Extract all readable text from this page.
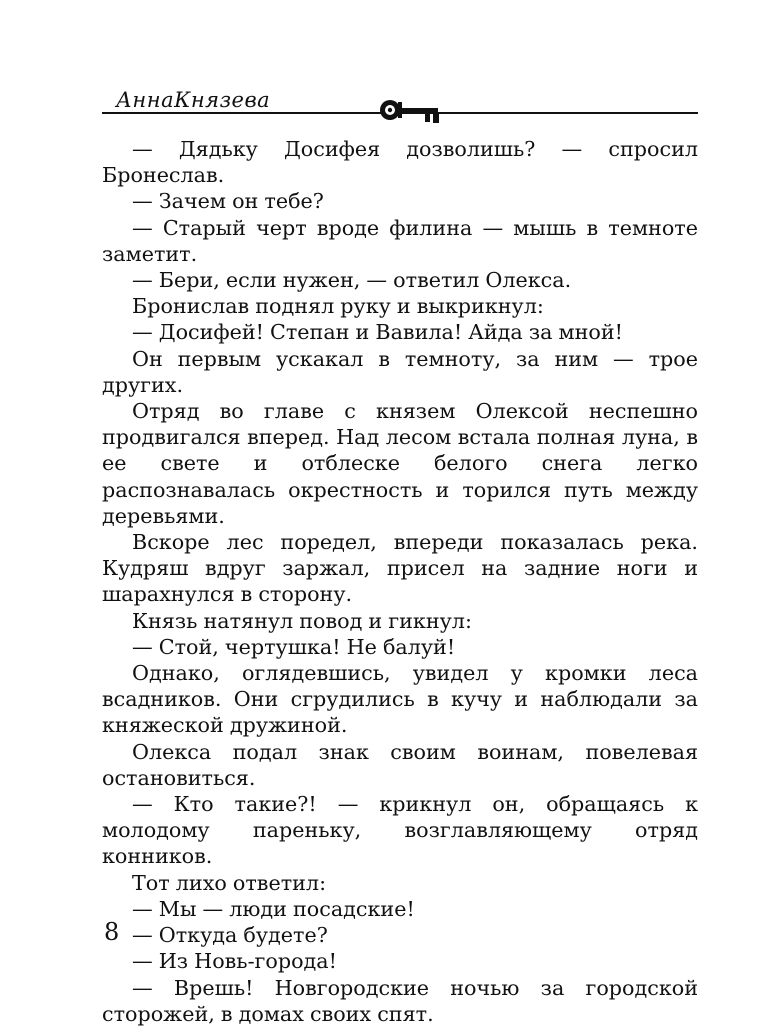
АннаКнязева

— Дядьку Досифея дозволишь? — спросил Бронеслав.

— Зачем он тебе?

— Старый черт вроде филина — мышь в темноте заметит.

— Бери, если нужен, — ответил Олекса.

Бронислав поднял руку и выкрикнул:

— Досифей! Степан и Вавила! Айда за мной!

Он первым ускакал в темноту, за ним — трое других.

Отряд во главе с князем Олексой неспешно продвигался вперед. Над лесом встала полная луна, в ее свете и отблеске белого снега легко распознавалась окрестность и торился путь между деревьями.

Вскоре лес поредел, впереди показалась река. Кудряш вдруг заржал, присел на задние ноги и шарахнулся в сторону.

Князь натянул повод и гикнул:

— Стой, чертушка! Не балуй!

Однако, оглядевшись, увидел у кромки леса всадников. Они сгрудились в кучу и наблюдали за княжеской дружиной.

Олекса подал знак своим воинам, повелевая остановиться.

— Кто такие?! — крикнул он, обращаясь к молодому пареньку, возглавляющему отряд конников.

Тот лихо ответил:

— Мы — люди посадские!

— Откуда будете?

— Из Новь-города!

— Врешь! Новгородские ночью за городской сторожей, в домах своих спят.

8
